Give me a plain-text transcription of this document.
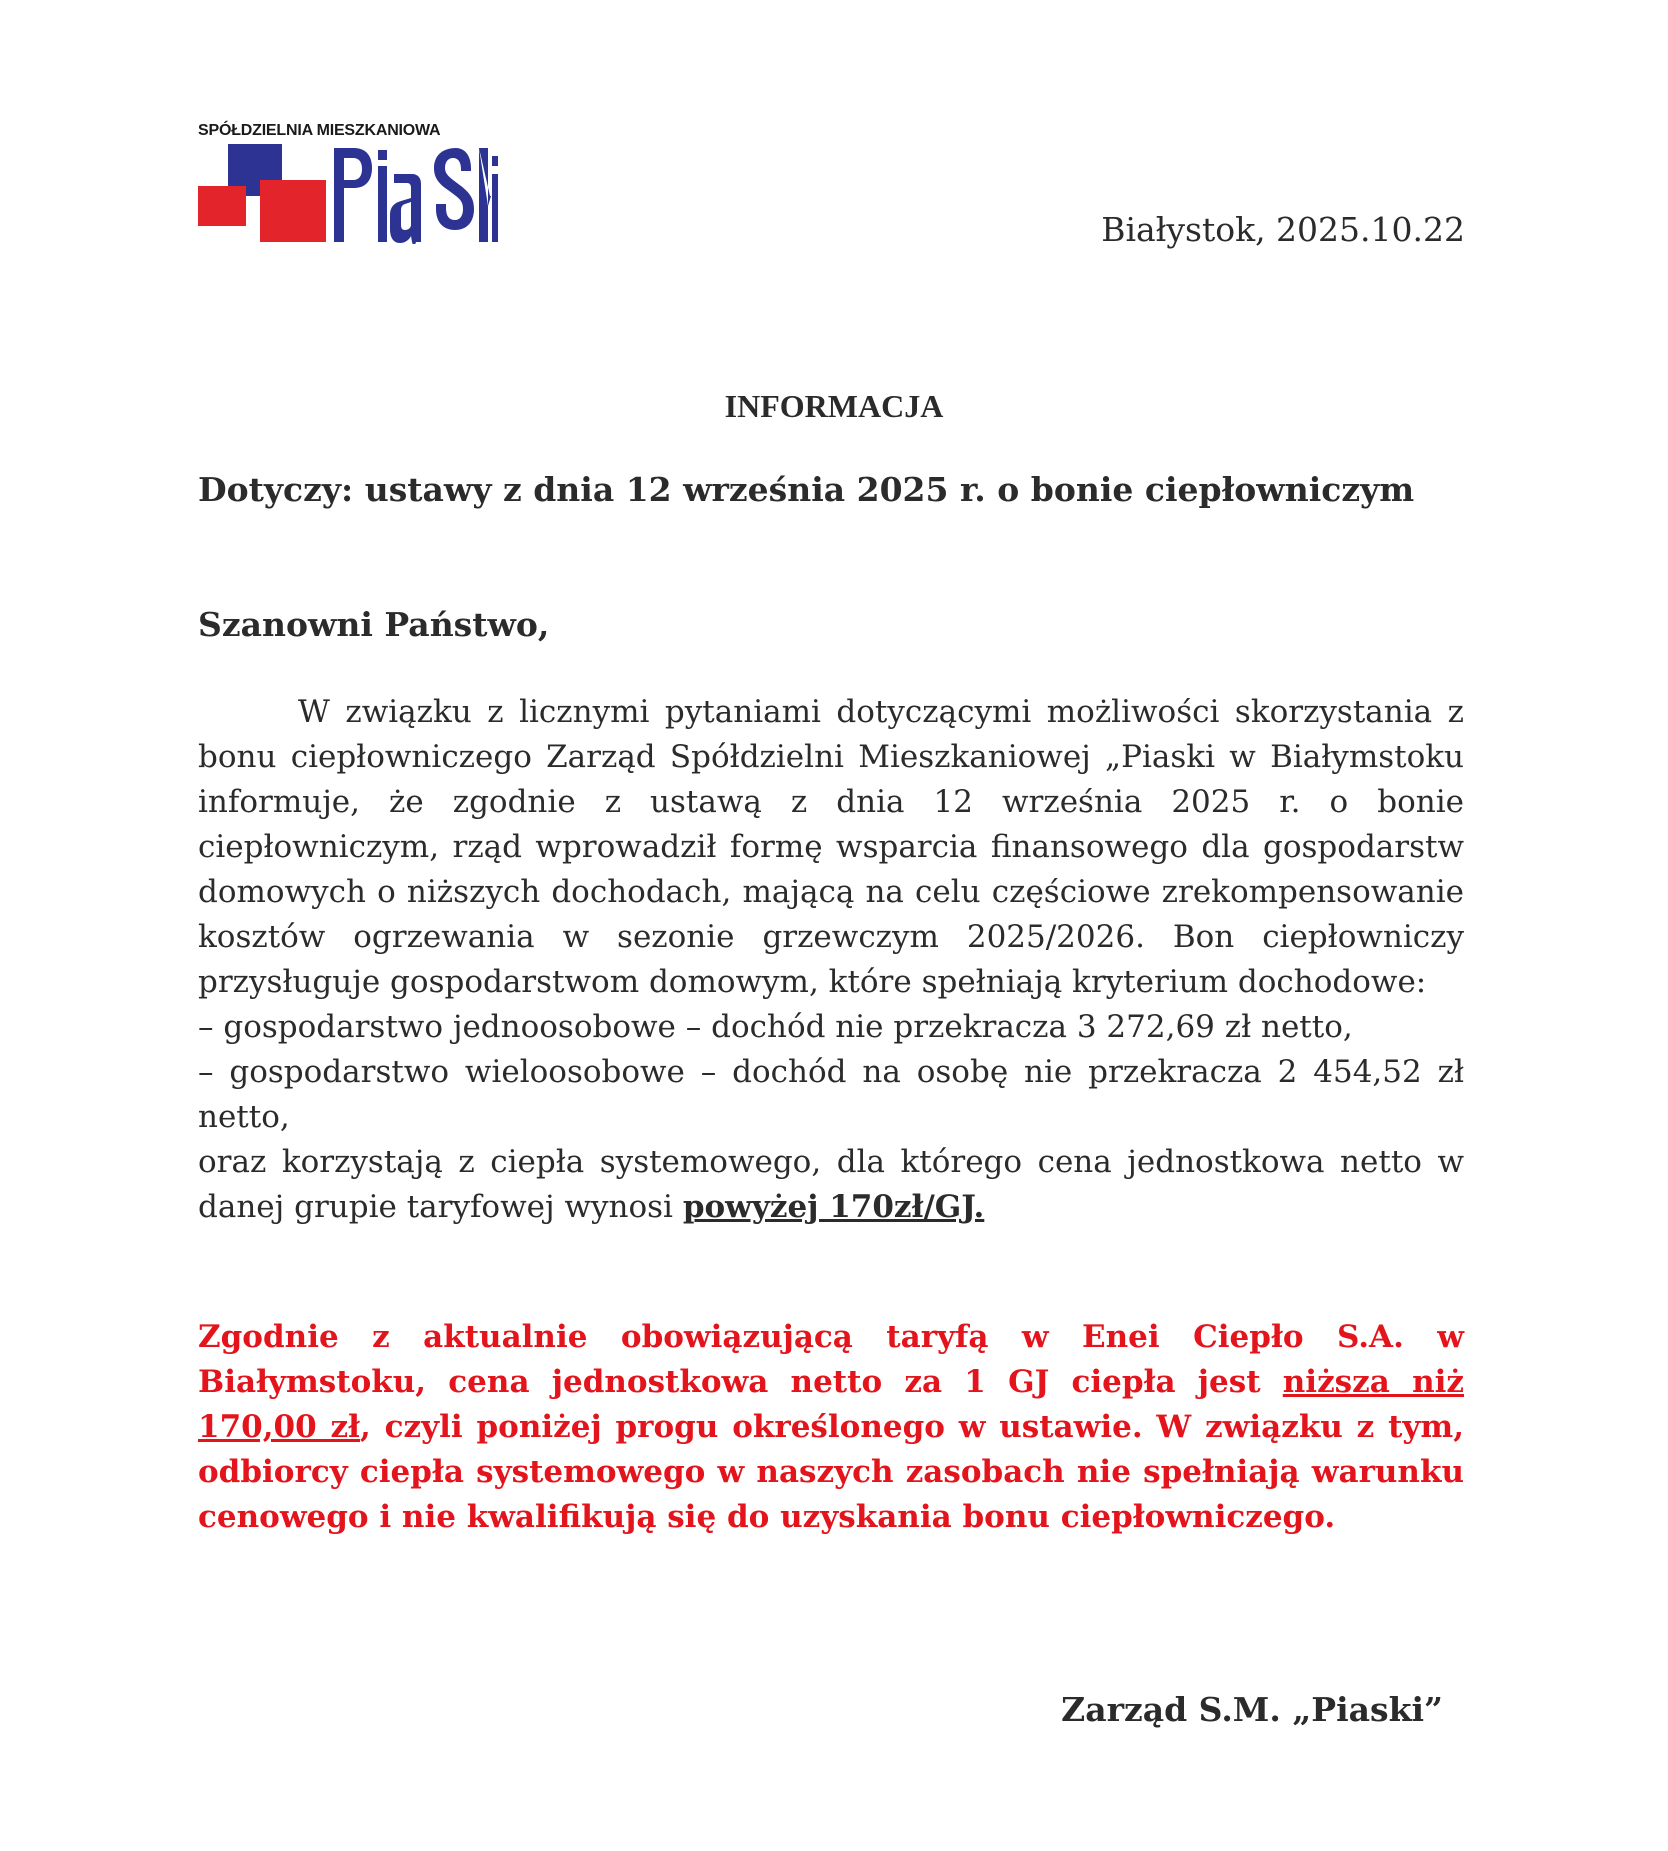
SPÓŁDZIELNIA MIESZKANIOWA
Białystok, 2025.10.22
INFORMACJA
Dotyczy: ustawy z dnia 12 września 2025 r. o bonie ciepłowniczym
Szanowni Państwo,

W związku z licznymi pytaniami dotyczącymi możliwości skorzystania z bonu ciepłowniczego Zarząd Spółdzielni Mieszkaniowej „Piaski w Białymstoku informuje, że zgodnie z ustawą z dnia 12 września 2025 r. o bonie ciepłowniczym, rząd wprowadził formę wsparcia finansowego dla gospodarstw domowych o niższych dochodach, mającą na celu częściowe zrekompensowanie kosztów ogrzewania w sezonie grzewczym 2025/2026. Bon ciepłowniczy przysługuje gospodarstwom domowym, które spełniają kryterium dochodowe:

– gospodarstwo jednoosobowe – dochód nie przekracza 3 272,69 zł netto,

– gospodarstwo wieloosobowe – dochód na osobę nie przekracza 2 454,52 zł netto,

oraz korzystają z ciepła systemowego, dla którego cena jednostkowa netto w danej grupie taryfowej wynosi powyżej 170zł/GJ.

Zgodnie z aktualnie obowiązującą taryfą w Enei Ciepło S.A. w Białymstoku, cena jednostkowa netto za 1 GJ ciepła jest niższa niż 170,00 zł, czyli poniżej progu określonego w ustawie. W związku z tym, odbiorcy ciepła systemowego w naszych zasobach nie spełniają warunku cenowego i nie kwalifikują się do uzyskania bonu ciepłowniczego.

Zarząd S.M. „Piaski”
